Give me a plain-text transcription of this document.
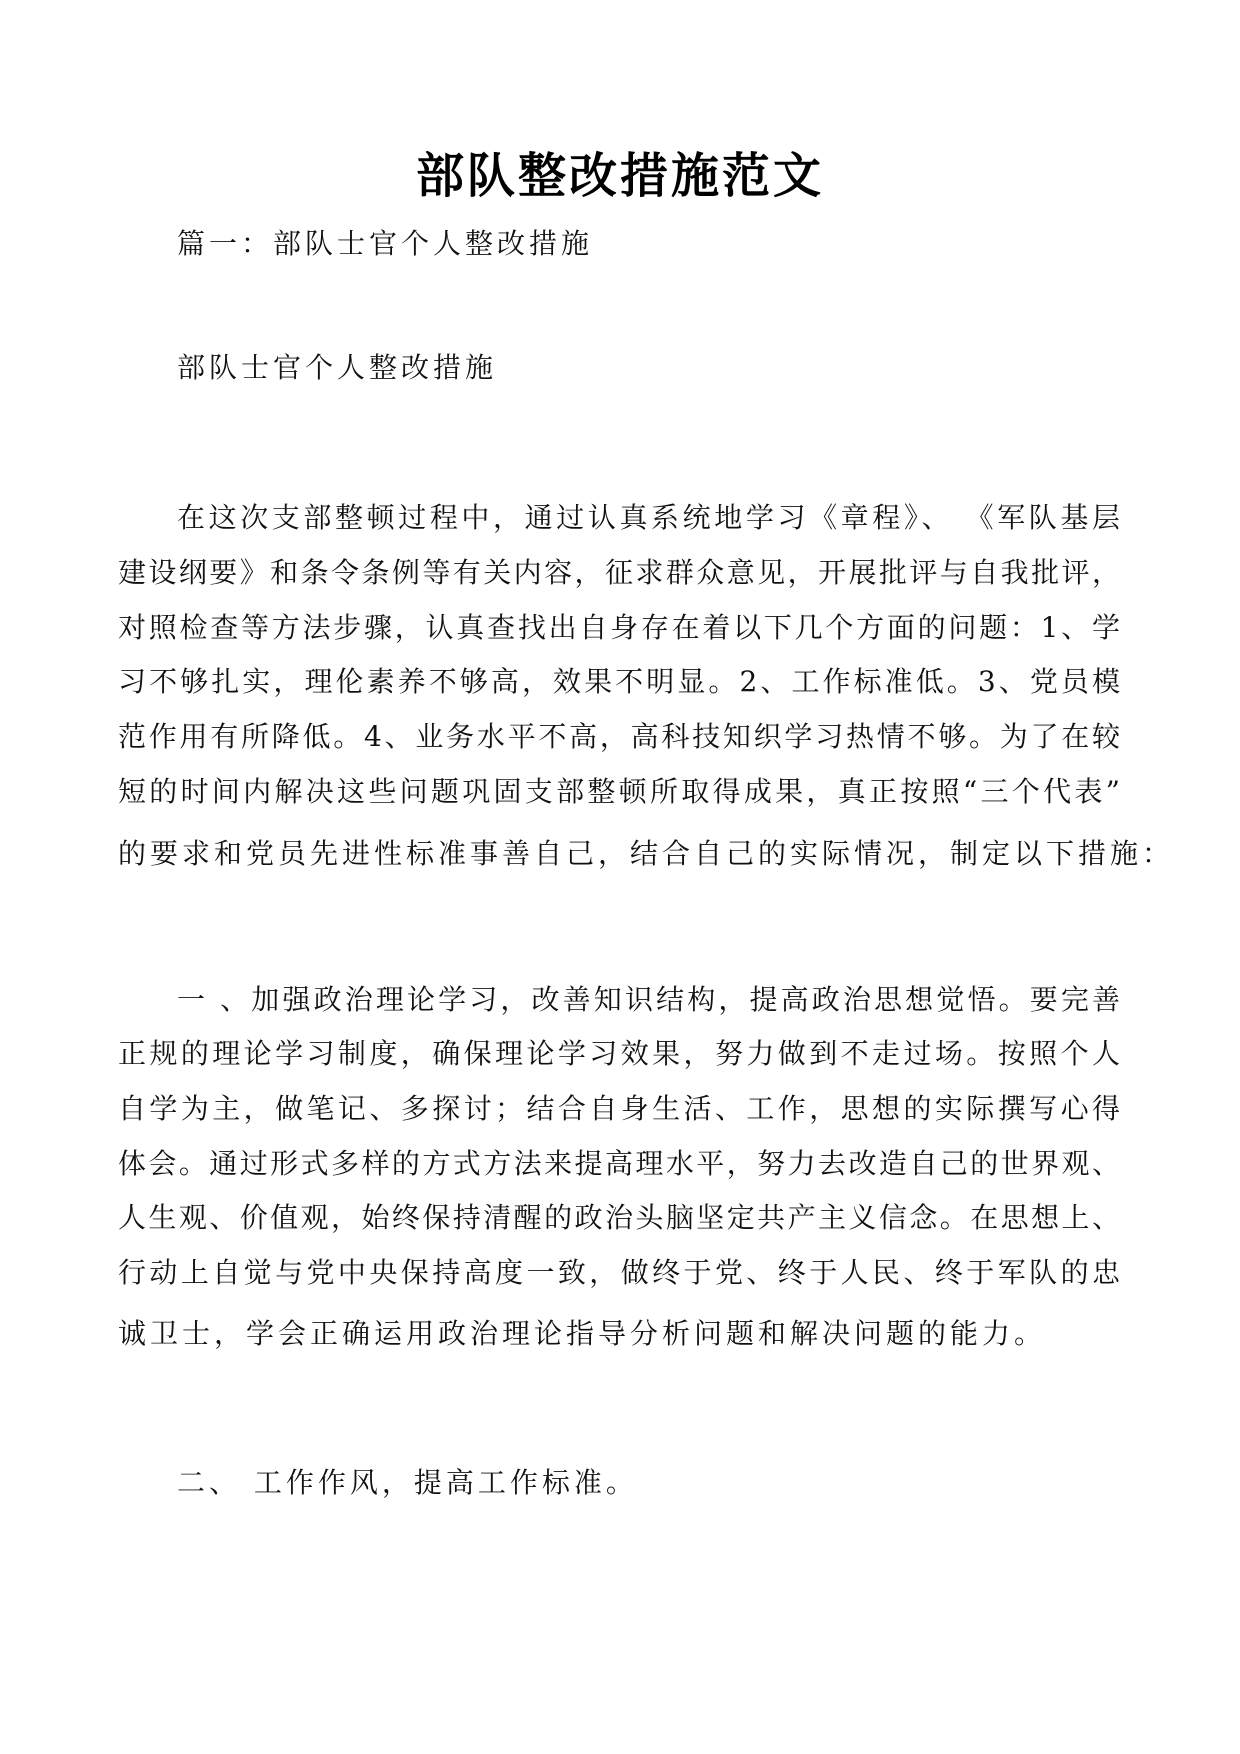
部队整改措施范文

篇一：部队士官个人整改措施

部队士官个人整改措施

在这次支部整顿过程中，通过认真系统地学习《章程》、 《军队基层

建设纲要》和条令条例等有关内容，征求群众意见，开展批评与自我批评，

对照检查等方法步骤，认真查找出自身存在着以下几个方面的问题：1、学

习不够扎实，理伦素养不够高，效果不明显。2、工作标准低。3、党员模

范作用有所降低。4、业务水平不高，高科技知织学习热情不够。为了在较

短的时间内解决这些问题巩固支部整顿所取得成果，真正按照“三个代表”

的要求和党员先进性标准事善自己，结合自己的实际情况，制定以下措施：

一 、加强政治理论学习，改善知识结构，提高政治思想觉悟。要完善

正规的理论学习制度，确保理论学习效果，努力做到不走过场。按照个人

自学为主，做笔记、多探讨；结合自身生活、工作，思想的实际撰写心得

体会。通过形式多样的方式方法来提高理水平，努力去改造自己的世界观、

人生观、价值观，始终保持清醒的政治头脑坚定共产主义信念。在思想上、

行动上自觉与党中央保持高度一致，做终于党、终于人民、终于军队的忠

诚卫士，学会正确运用政治理论指导分析问题和解决问题的能力。

二、 工作作风，提高工作标准。
